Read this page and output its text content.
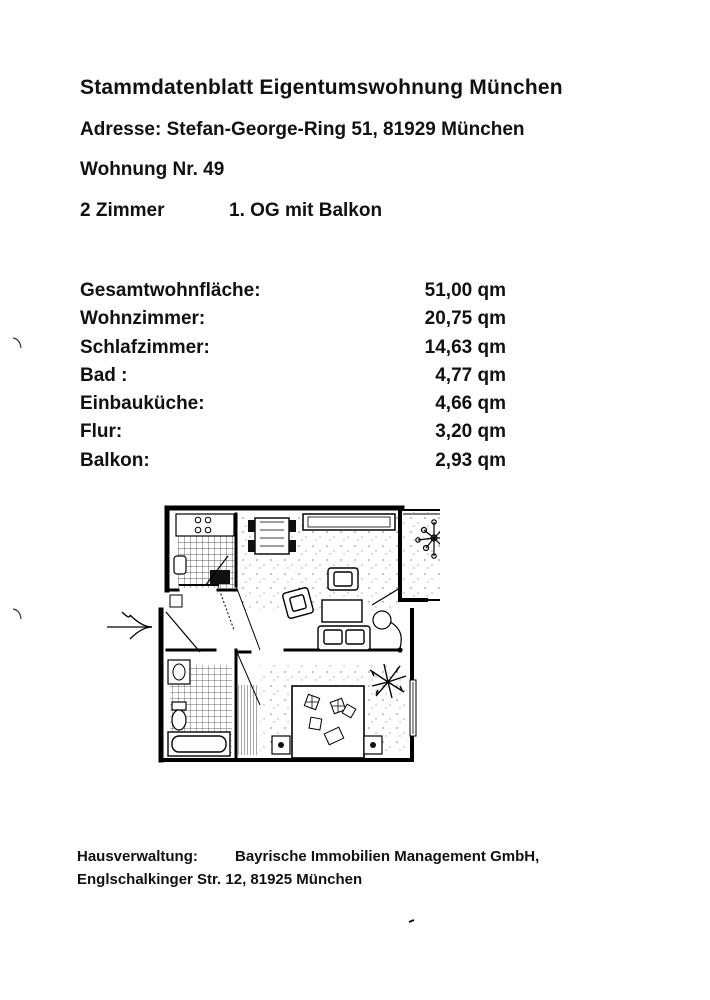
Stammdatenblatt Eigentumswohnung München
Adresse: Stefan-George-Ring 51, 81929 München
Wohnung Nr. 49
2 Zimmer	1. OG mit Balkon
Gesamtwohnfläche:	51,00 qm
Wohnzimmer:	20,75 qm
Schlafzimmer:	14,63 qm
Bad :	4,77 qm
Einbauküche:	4,66 qm
Flur:	3,20 qm
Balkon:	2,93 qm
Hausverwaltung: Bayrische Immobilien Management GmbH,
Englschalkinger Str. 12, 81925 München
